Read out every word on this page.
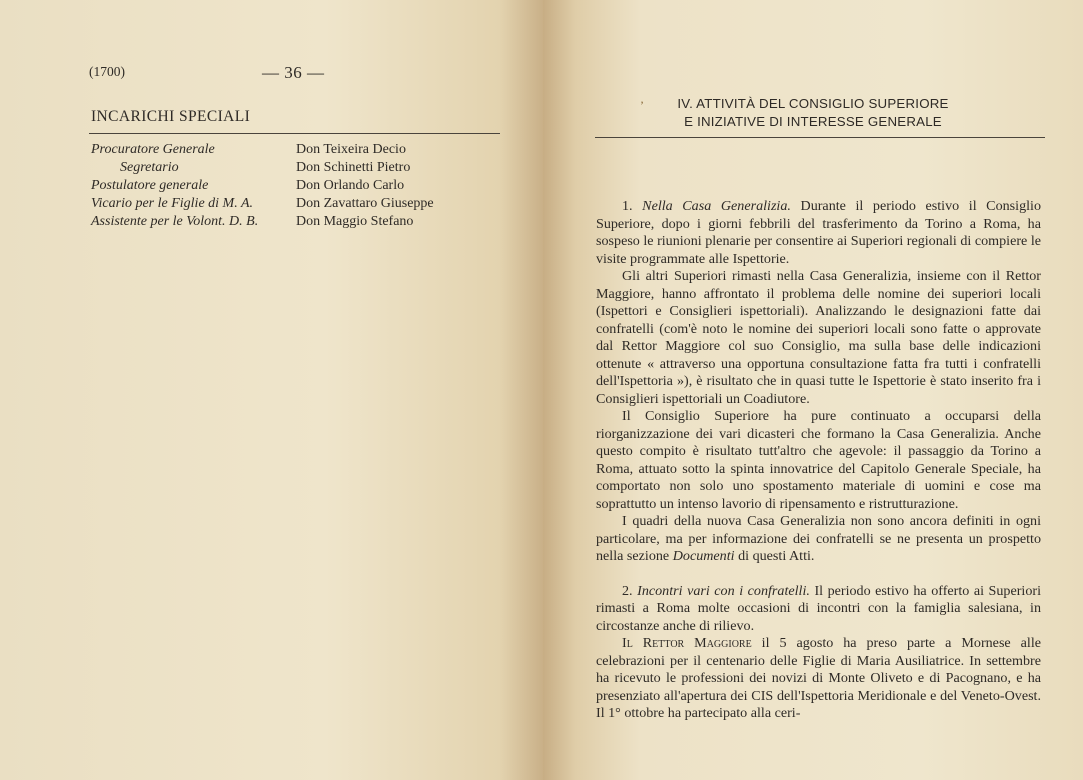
(1700)	— 36 —
INCARICHI SPECIALI
Procuratore Generale	Don Teixeira Decio
Segretario	Don Schinetti Pietro
Postulatore generale	Don Orlando Carlo
Vicario per le Figlie di M. A.	Don Zavattaro Giuseppe
Assistente per le Volont. D. B.	Don Maggio Stefano
’	IV. ATTIVITÀ DEL CONSIGLIO SUPERIORE
E INIZIATIVE DI INTERESSE GENERALE

1. Nella Casa Generalizia. Durante il periodo estivo il Consiglio Superiore, dopo i giorni febbrili del trasferimento da Torino a Roma, ha sospeso le riunioni plenarie per consentire ai Superiori regionali di compiere le visite programmate alle Ispettorie.

Gli altri Superiori rimasti nella Casa Generalizia, insieme con il Rettor Maggiore, hanno affrontato il problema delle nomine dei superiori locali (Ispettori e Consiglieri ispettoriali). Analizzando le designazioni fatte dai confratelli (com'è noto le nomine dei superiori locali sono fatte o approvate dal Rettor Maggiore col suo Consiglio, ma sulla base delle indicazioni ottenute « attraverso una opportuna consultazione fatta fra tutti i confratelli dell'Ispettoria »), è risultato che in quasi tutte le Ispettorie è stato inserito fra i Consiglieri ispettoriali un Coadiutore.

Il Consiglio Superiore ha pure continuato a occuparsi della riorganizzazione dei vari dicasteri che formano la Casa Generalizia. Anche questo compito è risultato tutt'altro che agevole: il passaggio da Torino a Roma, attuato sotto la spinta innovatrice del Capitolo Generale Speciale, ha comportato non solo uno spostamento materiale di uomini e cose ma soprattutto un intenso lavorio di ripensamento e ristrutturazione.

I quadri della nuova Casa Generalizia non sono ancora definiti in ogni particolare, ma per informazione dei confratelli se ne presenta un prospetto nella sezione Documenti di questi Atti.

2. Incontri vari con i confratelli. Il periodo estivo ha offerto ai Superiori rimasti a Roma molte occasioni di incontri con la famiglia salesiana, in circostanze anche di rilievo.

Il Rettor Maggiore il 5 agosto ha preso parte a Mornese alle celebrazioni per il centenario delle Figlie di Maria Ausiliatrice. In settembre ha ricevuto le professioni dei novizi di Monte Oliveto e di Pacognano, e ha presenziato all'apertura dei CIS dell'Ispettoria Meridionale e del Veneto-Ovest. Il 1° ottobre ha partecipato alla ceri-
